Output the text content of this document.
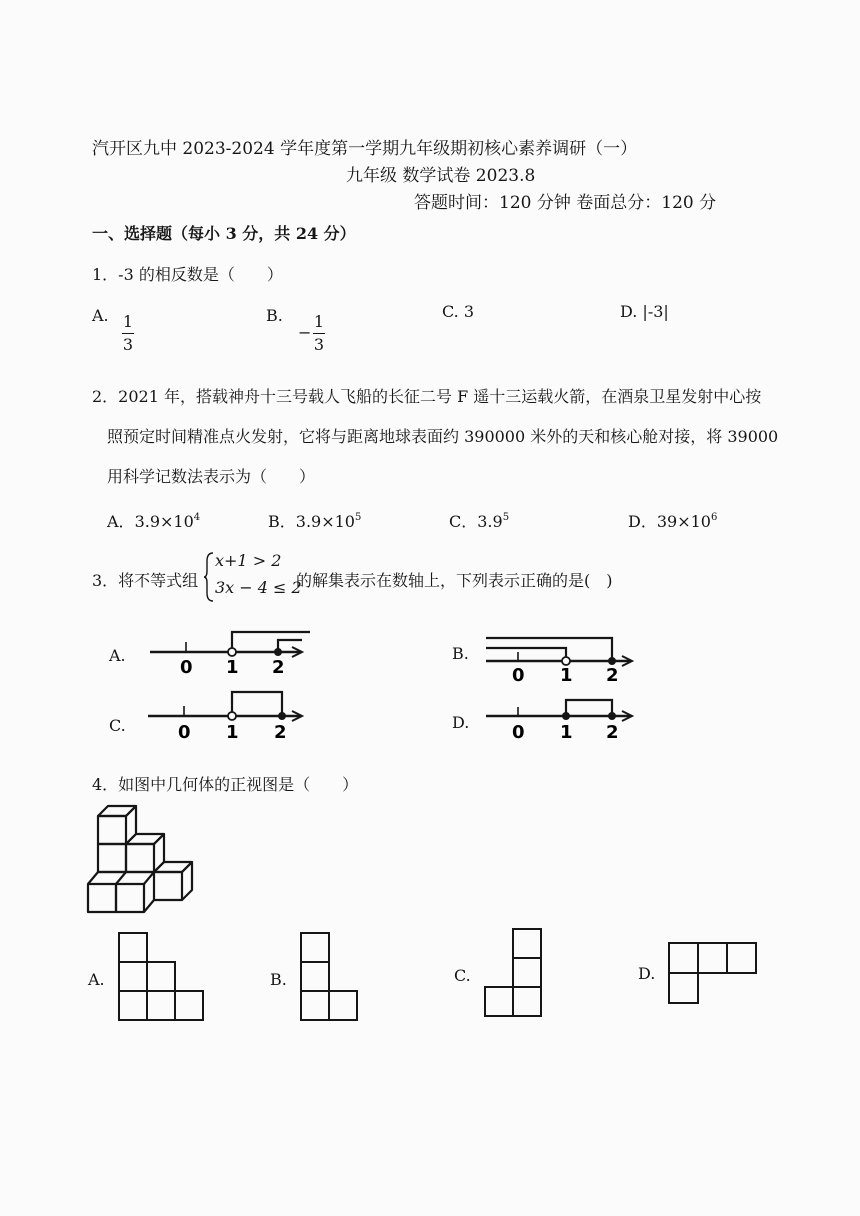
汽开区九中 2023-2024 学年度第一学期九年级期初核心素养调研（一）
九年级 数学试卷 2023.8
答题时间：120 分钟 卷面总分：120 分
一、选择题（每小 3 分，共 24 分）
1．-3 的相反数是（　　）
A. 1
3
B.
−
1
3
C. 3	D. |-3|
2．2021 年，搭载神舟十三号载人飞船的长征二号 F 遥十三运载火箭，在酒泉卫星发射中心按
照预定时间精准点火发射，它将与距离地球表面约 390000 米外的天和核心舱对接，将 39000
用科学记数法表示为（　　）
A．$3.9\times 10^4$	B．$3.9\times 10^5$	C．$3.9^5$	D．$39\times 10^6$
3．将不等式组
x+1 > 2
3x − 4 ≤ 2
的解集表示在数轴上，下列表示正确的是(　)
A.
0 1 2
B.
0 1 2
C.	0 1 2	D. 0 1 2
4．如图中几何体的正视图是（　　）
A.	B.	C.	D.
